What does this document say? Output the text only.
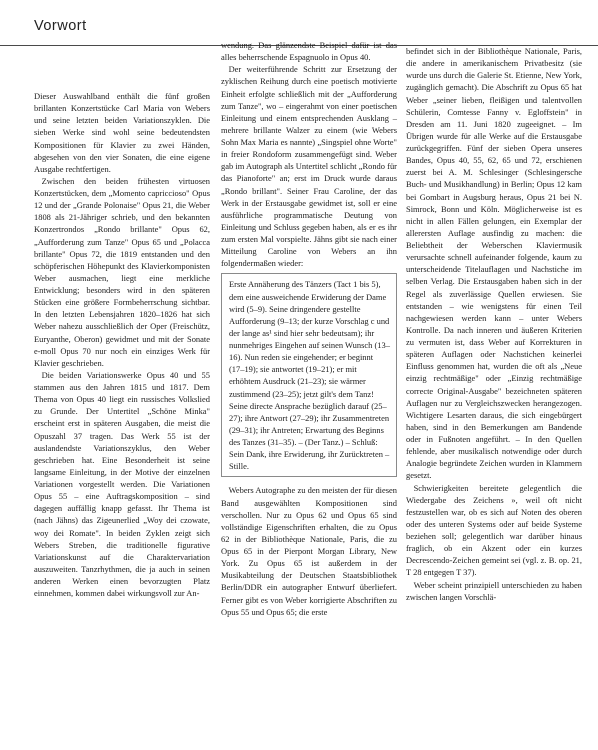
Vorwort

Dieser Auswahlband enthält die fünf großen brillanten Konzertstücke Carl Maria von Webers und seine letzten beiden Variationszyklen. Die sieben Werke sind wohl seine bedeutendsten Kompositionen für Klavier zu zwei Händen, abgesehen von den vier Sonaten, die eine eigene Ausgabe rechtfertigen.

Zwischen den beiden frühesten virtuosen Konzertstücken, dem „Momento capriccioso" Opus 12 und der „Grande Polonaise" Opus 21, die Weber 1808 als 21-Jähriger schrieb, und den bekannten Konzertrondos „Rondo brillante" Opus 62, „Aufforderung zum Tanze" Opus 65 und „Polacca brillante" Opus 72, die 1819 entstanden und den schöpferischen Höhepunkt des Klavierkomponisten Weber ausmachen, liegt eine merkliche Entwicklung; besonders wird in den späteren Stücken eine größere Formbeherrschung sichtbar. In den letzten Lebensjahren 1820–1826 hat sich Weber nahezu ausschließlich der Oper (Freischütz, Euryanthe, Oberon) gewidmet und mit der Sonate e-moll Opus 70 nur noch ein einziges Werk für Klavier geschrieben.

Die beiden Variationswerke Opus 40 und 55 stammen aus den Jahren 1815 und 1817. Dem Thema von Opus 40 liegt ein russisches Volkslied zu Grunde. Der Untertitel „Schöne Minka" erscheint erst in späteren Ausgaben, die meist die Opuszahl 37 tragen. Das Werk 55 ist der auslandendste Variationszyklus, den Weber geschrieben hat. Eine Besonderheit ist seine langsame Einleitung, in der Motive der einzelnen Variationen vorgestellt werden. Die Variationen Opus 55 – eine Auftragskomposition – sind dagegen auffällig knapp gefasst. Ihr Thema ist (nach Jähns) das Zigeunerlied „Woy dei czowate, woy dei Romate". In beiden Zyklen zeigt sich Webers Streben, die traditionelle figurative Variationskunst auf die Charaktervariation auszuweiten. Tanzrhythmen, die ja auch in seinen anderen Werken einen bevorzugten Platz einnehmen, kommen dabei wirkungsvoll zur An-

wendung. Das glänzendste Beispiel dafür ist das alles beherrschende Espagnuolo in Opus 40.

Der weiterführende Schritt zur Ersetzung der zyklischen Reihung durch eine poetisch motivierte Einheit erfolgte schließlich mit der „Aufforderung zum Tanze", wo – eingerahmt von einer poetischen Einleitung und einem entsprechenden Ausklang – mehrere brillante Walzer zu einem (wie Webers Sohn Max Maria es nannte) „Singspiel ohne Worte" in freier Rondoform zusammengefügt sind. Weber gab im Autograph als Untertitel schlicht „Rondo für das Pianoforte" an; erst im Druck wurde daraus „Rondo brillant". Seiner Frau Caroline, der das Werk in der Erstausgabe gewidmet ist, soll er eine ausführliche programmatische Deutung von Einleitung und Schluss gegeben haben, als er es ihr zum ersten Mal vorspielte. Jähns gibt sie nach einer Mitteilung Caroline von Webers an ihn folgendermaßen wieder:

Erste Annäherung des Tänzers (Tact 1 bis 5), dem eine ausweichende Erwiderung der Dame wird (5–9). Seine dringendere gestellte Aufforderung (9–13; der kurze Vorschlag c und der lange as¹ sind hier sehr bedeutsam); ihr nunmehriges Eingehen auf seinen Wunsch (13–16). Nun reden sie eingehender; er beginnt (17–19); sie antwortet (19–21); er mit erhöhtem Ausdruck (21–23); sie wärmer zustimmend (23–25); jetzt gilt's dem Tanz! Seine directe Ansprache bezüglich darauf (25–27); ihre Antwort (27–29); ihr Zusammentreten (29–31); ihr Antreten; Erwartung des Beginns des Tanzes (31–35). – (Der Tanz.) – Schluß: Sein Dank, ihre Erwiderung, ihr Zurücktreten – Stille.

Webers Autographe zu den meisten der für diesen Band ausgewählten Kompositionen sind verschollen. Nur zu Opus 62 und Opus 65 sind vollständige Eigenschriften erhalten, die zu Opus 62 in der Bibliothèque Nationale, Paris, die zu Opus 65 in der Pierpont Morgan Library, New York. Zu Opus 65 ist außerdem in der Musikabteilung der Deutschen Staatsbibliothek Berlin/DDR ein autographer Entwurf überliefert. Ferner gibt es von Weber korrigierte Abschriften zu Opus 55 und Opus 65; die erste

befindet sich in der Bibliothèque Nationale, Paris, die andere in amerikanischem Privatbesitz (sie wurde uns durch die Galerie St. Etienne, New York, zugänglich gemacht). Die Abschrift zu Opus 65 hat Weber „seiner lieben, fleißigen und talentvollen Schülerin, Comtesse Fanny v. Egloffstein" in Dresden am 11. Juni 1820 zugeeignet. – Im Übrigen wurde für alle Werke auf die Erstausgabe zurückgegriffen. Fünf der sieben Opera unseres Bandes, Opus 40, 55, 62, 65 und 72, erschienen zuerst bei A. M. Schlesinger (Schlesingersche Buch- und Musikhandlung) in Berlin; Opus 12 kam bei Gombart in Augsburg heraus, Opus 21 bei N. Simrock, Bonn und Köln. Möglicherweise ist es nicht in allen Fällen gelungen, ein Exemplar der allerersten Auflage ausfindig zu machen: die Beliebtheit der Weberschen Klaviermusik verursachte schnell aufeinander folgende, kaum zu unterscheidende Titelauflagen und Nachstiche im selben Verlag. Die Erstausgaben haben sich in der Regel als zuverlässige Quellen erwiesen. Sie entstanden – wie wenigstens für einen Teil nachgewiesen werden kann – unter Webers Kontrolle. Da nach inneren und äußeren Kriterien zu vermuten ist, dass Weber auf Korrekturen in späteren Auflagen oder Nachstichen keinerlei Einfluss genommen hat, wurden die oft als „Neue einzig rechtmäßige" oder „Einzig rechtmäßige correcte Original-Ausgabe" bezeichneten späteren Auflagen nur zu Vergleichszwecken herangezogen. Wichtigere Lesarten daraus, die sich eingebürgert haben, sind in den Bemerkungen am Bandende oder in Fußnoten angeführt. – In den Quellen fehlende, aber musikalisch notwendige oder durch Analogie begründete Zeichen wurden in Klammern gesetzt.

Schwierigkeiten bereitete gelegentlich die Wiedergabe des Zeichens », weil oft nicht festzustellen war, ob es sich auf Noten des oberen oder des unteren Systems oder auf beide Systeme beziehen soll; gelegentlich war darüber hinaus fraglich, ob ein Akzent oder ein kurzes Decrescendo-Zeichen gemeint sei (vgl. z. B. op. 21, T 28 entgegen T 37).

Weber scheint prinzipiell unterschieden zu haben zwischen langen Vorschlä-
